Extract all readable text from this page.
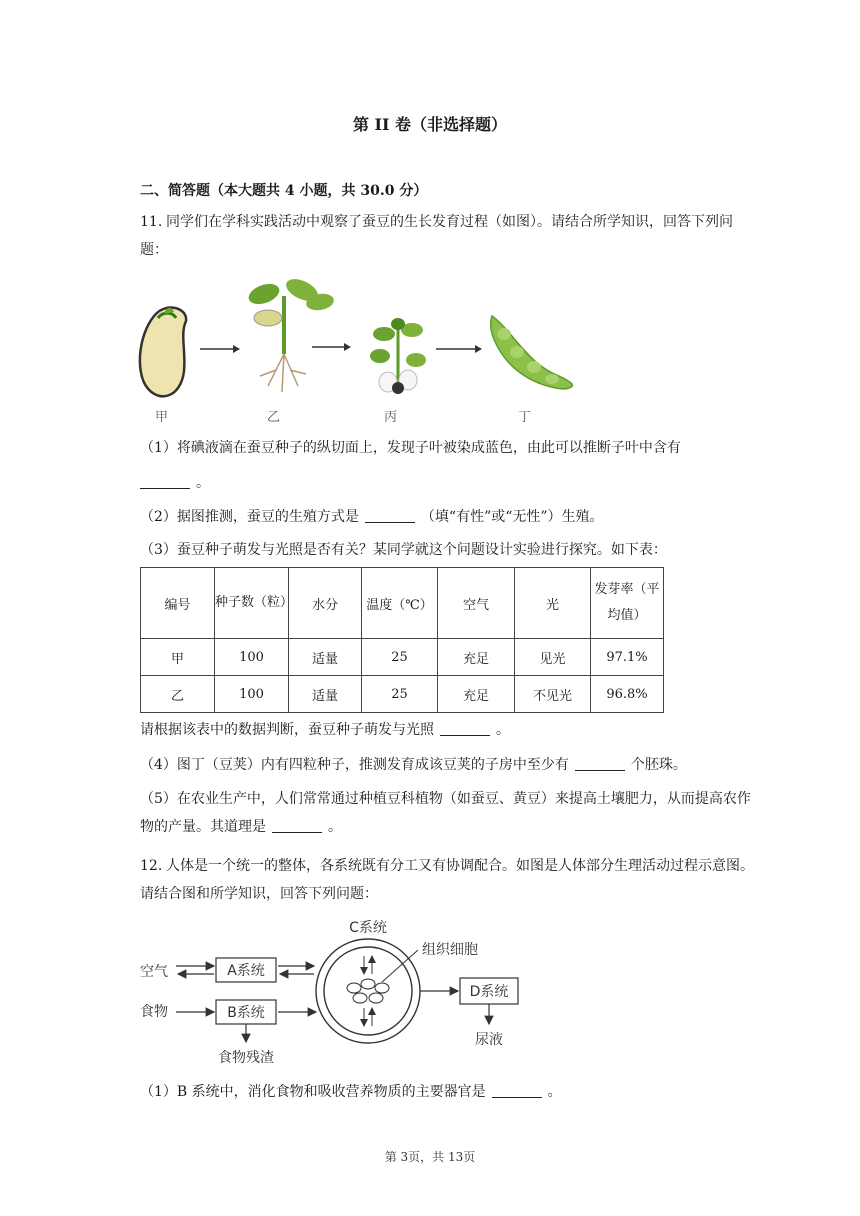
第 II 卷（非选择题）
二、简答题（本大题共 4 小题，共 30.0 分）
11. 同学们在学科实践活动中观察了蚕豆的生长发育过程（如图）。请结合所学知识，回答下列问题：
甲	乙	丙	丁
（1）将碘液滴在蚕豆种子的纵切面上，发现子叶被染成蓝色，由此可以推断子叶中含有
。
（2）据图推测，蚕豆的生殖方式是	（填“有性”或“无性”）生殖。
（3）蚕豆种子萌发与光照是否有关？某同学就这个问题设计实验进行探究。如下表：
编号	种子数（粒）	水分	温度（℃）	空气	光	发芽率（平均值）
甲	100	适量	25	充足	见光	97.1%
乙	100	适量	25	充足	不见光	96.8%
请根据该表中的数据判断，蚕豆种子萌发与光照	。
（4）图丁（豆荚）内有四粒种子，推测发育成该豆荚的子房中至少有	个胚珠。
（5）在农业生产中，人们常常通过种植豆科植物（如蚕豆、黄豆）来提高土壤肥力，从而提高农作物的产量。其道理是	。
12. 人体是一个统一的整体，各系统既有分工又有协调配合。如图是人体部分生理活动过程示意图。请结合图和所学知识，回答下列问题：
C系统
空气
食物
A系统
B系统
食物残渣
组织细胞
D系统
尿液
（1）B 系统中，消化食物和吸收营养物质的主要器官是	。
第 3页，共 13页
